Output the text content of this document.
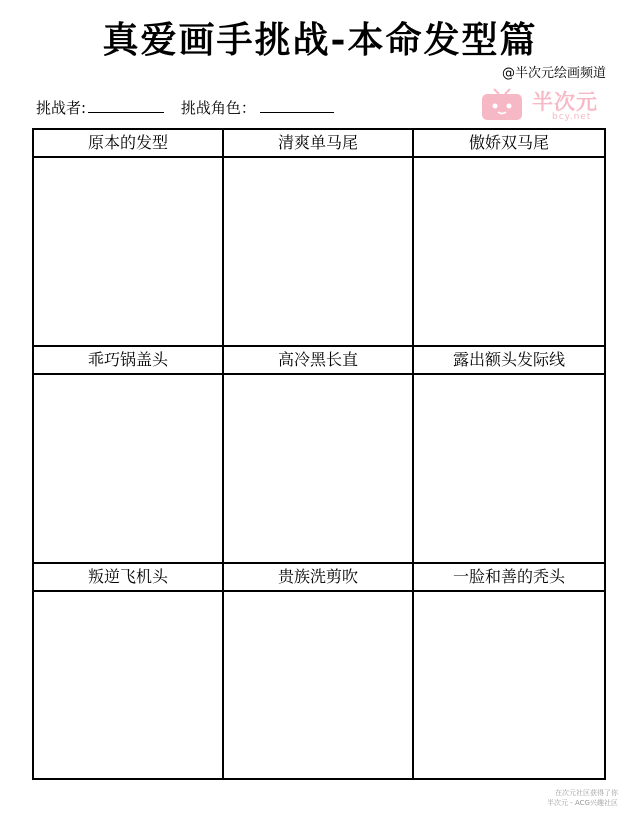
真爱画手挑战-本命发型篇
@半次元绘画频道
半次元
bcy.net
挑战者:	挑战角色：
原本的发型	清爽单马尾	傲娇双马尾
乖巧锅盖头	高冷黑长直	露出额头发际线
叛逆飞机头	贵族洗剪吹	一脸和善的秃头
在次元社区获得了你
半次元 - ACG兴趣社区
